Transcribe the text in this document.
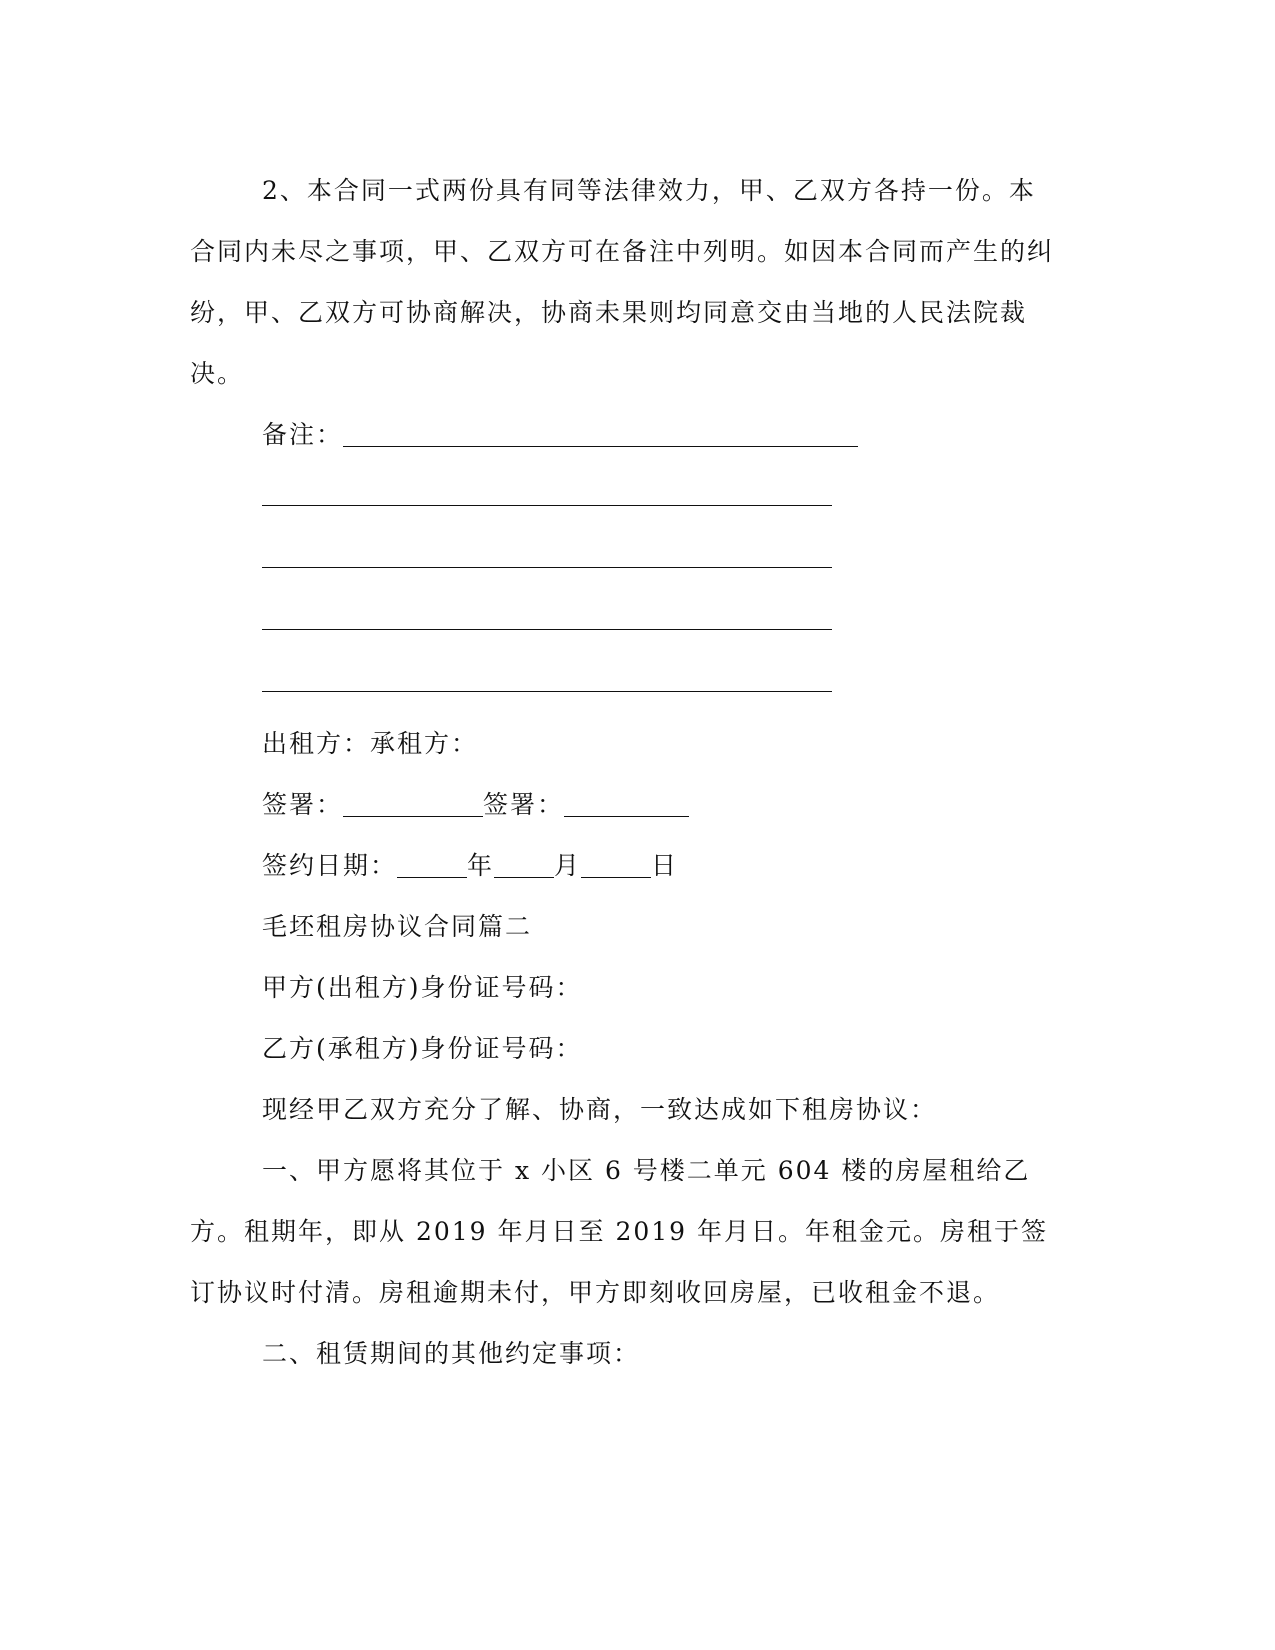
2、本合同一式两份具有同等法律效力，甲、乙双方各持一份。本合同内未尽之事项，甲、乙双方可在备注中列明。如因本合同而产生的纠纷，甲、乙双方可协商解决，协商未果则均同意交由当地的人民法院裁决。

备注：
出租方：承租方：
签署：	签署：
签约日期：	年 月	日
毛坯租房协议合同篇二
甲方(出租方)身份证号码：
乙方(承租方)身份证号码：
现经甲乙双方充分了解、协商，一致达成如下租房协议：

一、甲方愿将其位于 x 小区 6 号楼二单元 604 楼的房屋租给乙方。租期年，即从 2019 年月日至 2019 年月日。年租金元。房租于签订协议时付清。房租逾期未付，甲方即刻收回房屋，已收租金不退。

二、租赁期间的其他约定事项：
